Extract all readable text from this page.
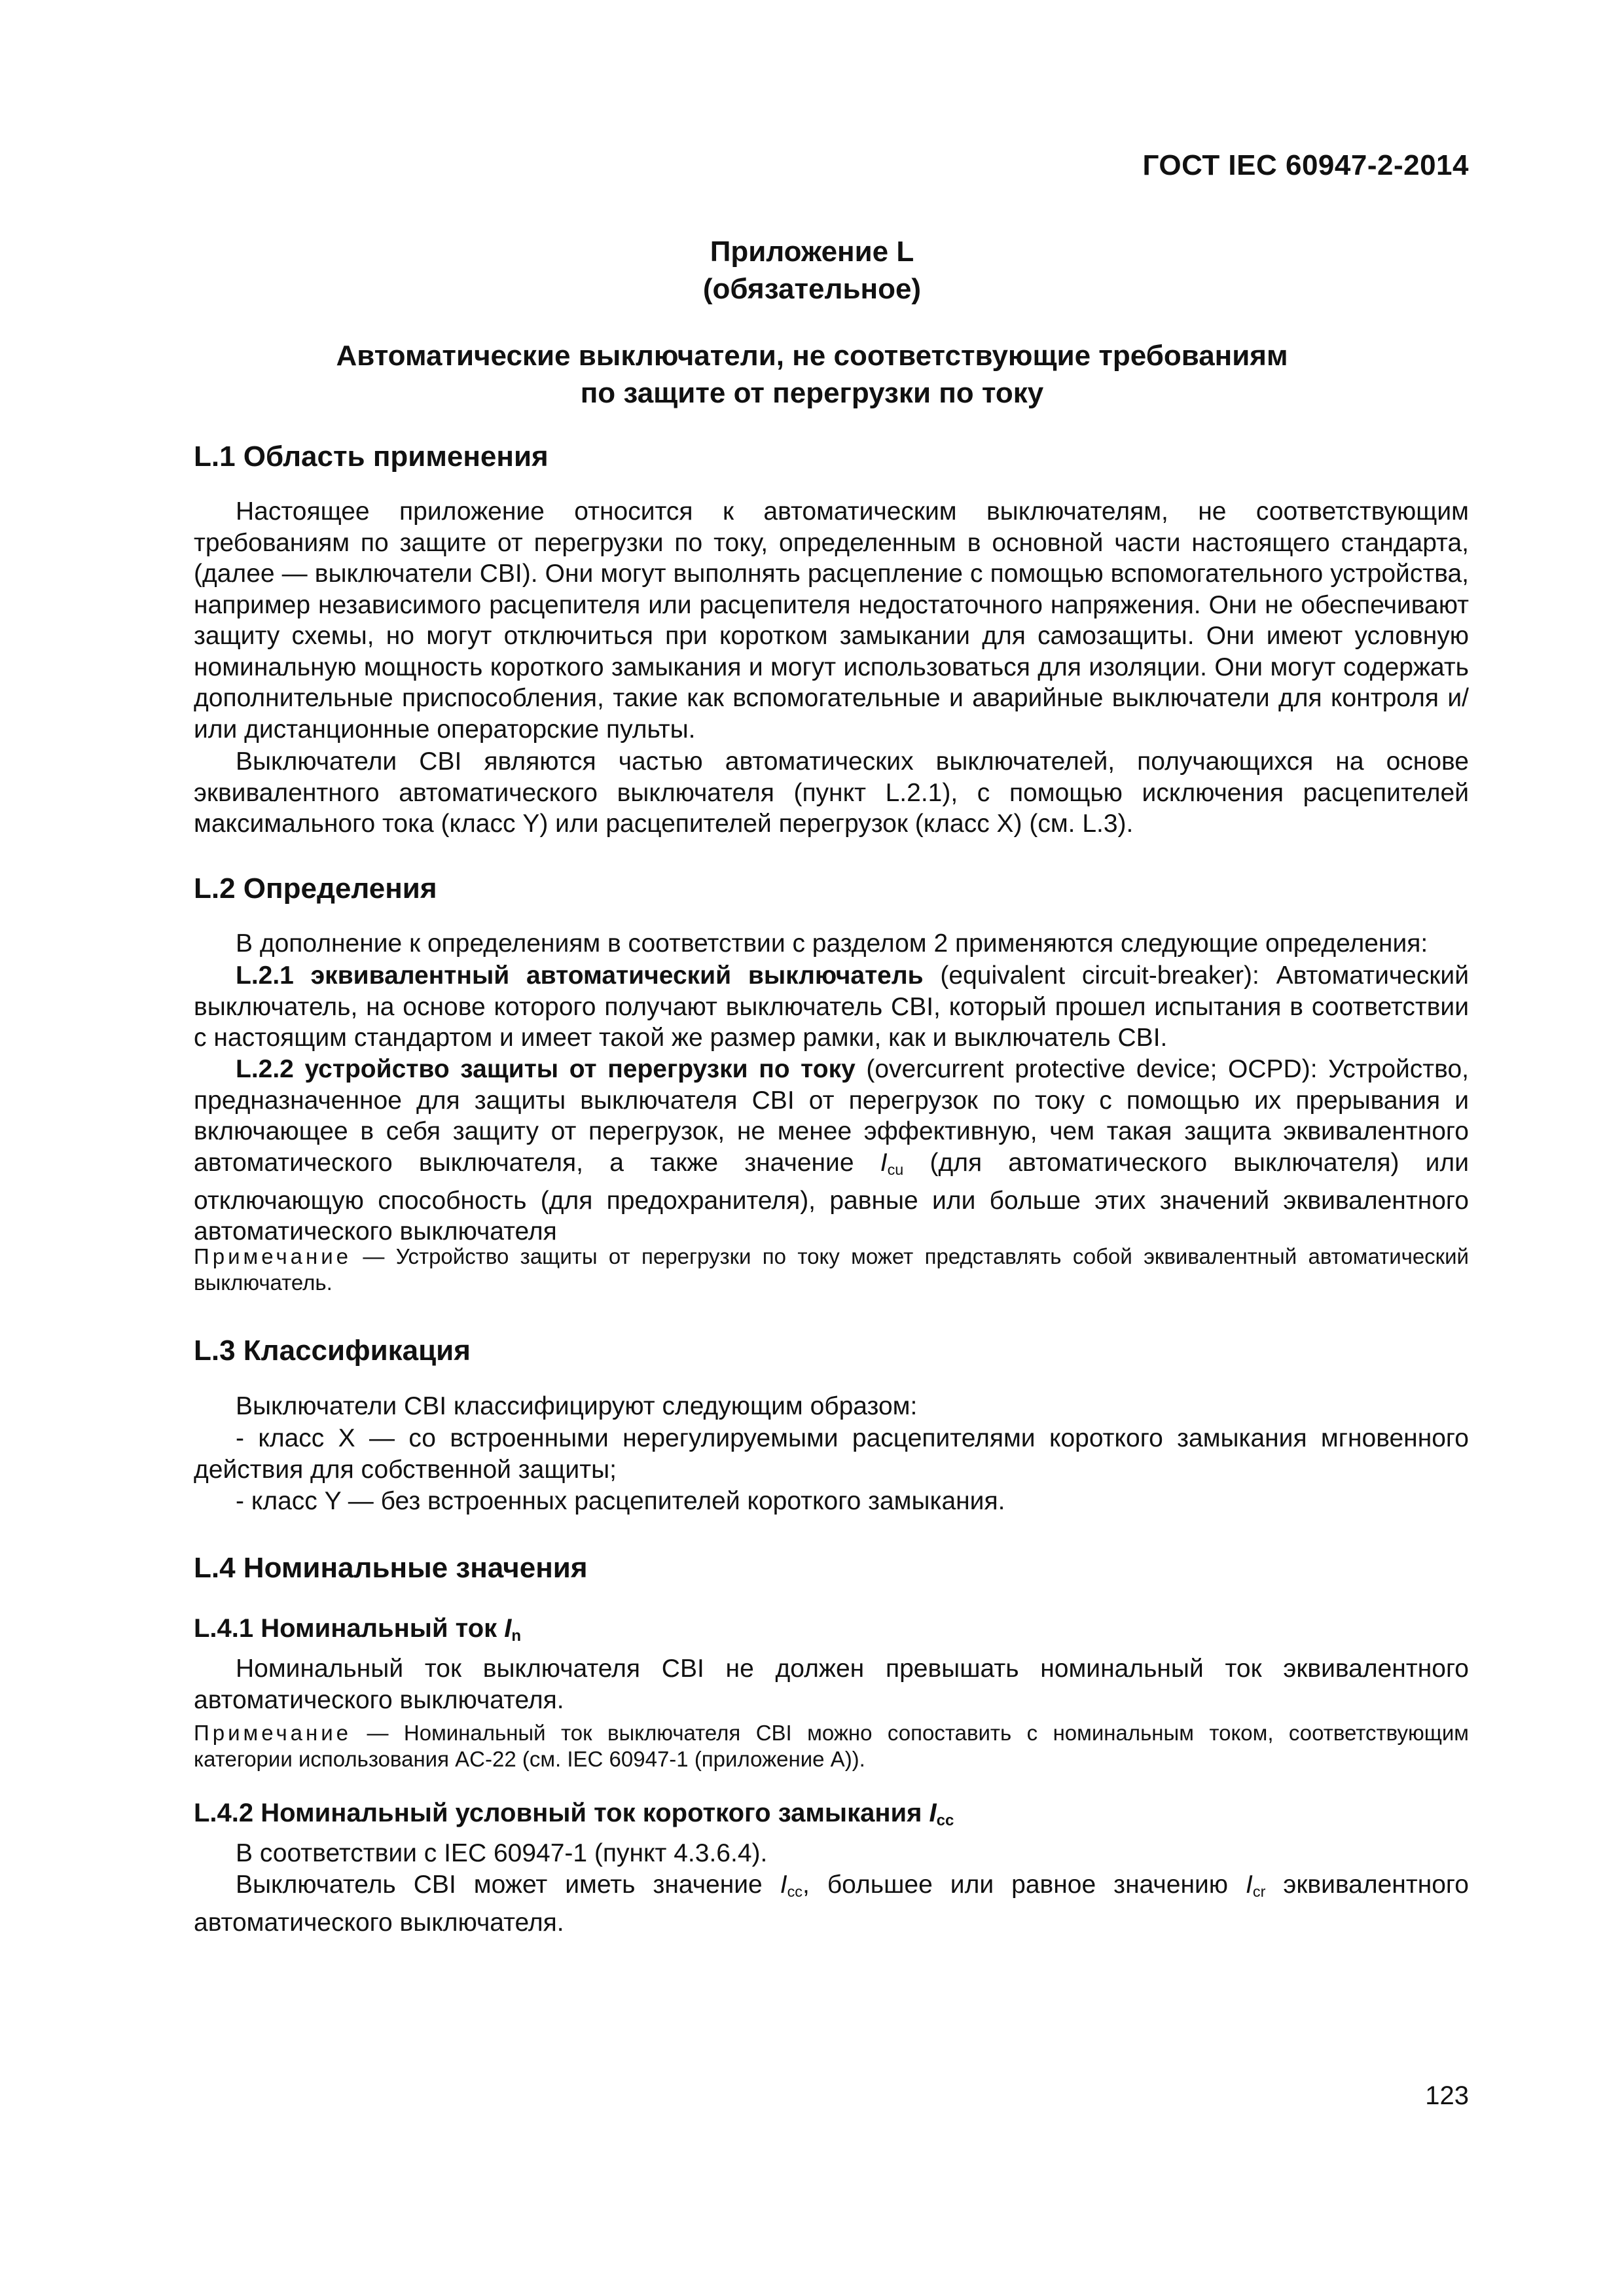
ГОСТ IEC 60947-2-2014
Приложение L
(обязательное)
Автоматические выключатели, не соответствующие требованиям
по защите от перегрузки по току
L.1 Область применения
Настоящее приложение относится к автоматическим выключателям, не соответствующим требованиям по защите от перегрузки по току, определенным в основной части настоящего стандарта, (далее — выключатели CBI). Они могут выполнять расцепление с помощью вспомогательного устройства, например независимого расцепителя или расцепителя недостаточного напряжения. Они не обеспечивают защиту схемы, но могут отключиться при коротком замыкании для самозащиты. Они имеют условную номинальную мощность короткого замыкания и могут использоваться для изоляции. Они могут содержать дополнительные приспособления, такие как вспомогательные и аварийные выключатели для контроля и/или дистанционные операторские пульты.
Выключатели CBI являются частью автоматических выключателей, получающихся на основе эквивалентного автоматического выключателя (пункт L.2.1), с помощью исключения расцепителей максимального тока (класс Y) или расцепителей перегрузок (класс X) (см. L.3).
L.2 Определения
В дополнение к определениям в соответствии с разделом 2 применяются следующие определения:
L.2.1 эквивалентный автоматический выключатель (equivalent circuit-breaker): Автоматический выключатель, на основе которого получают выключатель CBI, который прошел испытания в соответствии с настоящим стандартом и имеет такой же размер рамки, как и выключатель CBI.
L.2.2 устройство защиты от перегрузки по току (overcurrent protective device; OCPD): Устройство, предназначенное для защиты выключателя CBI от перегрузок по току с помощью их прерывания и включающее в себя защиту от перегрузок, не менее эффективную, чем такая защита эквивалентного автоматического выключателя, а также значение $I_{cu}$ (для автоматического выключателя) или отключающую способность (для предохранителя), равные или больше этих значений эквивалентного автоматического выключателя
Примечание — Устройство защиты от перегрузки по току может представлять собой эквивалентный автоматический выключатель.
L.3 Классификация
Выключатели CBI классифицируют следующим образом:
- класс X — со встроенными нерегулируемыми расцепителями короткого замыкания мгновенного действия для собственной защиты;
- класс Y — без встроенных расцепителей короткого замыкания.
L.4 Номинальные значения
L.4.1 Номинальный ток $I_n$
Номинальный ток выключателя CBI не должен превышать номинальный ток эквивалентного автоматического выключателя.
Примечание — Номинальный ток выключателя CBI можно сопоставить с номинальным током, соответствующим категории использования AC-22 (см. IEC 60947-1 (приложение A)).
L.4.2 Номинальный условный ток короткого замыкания $I_{cc}$
В соответствии с IEC 60947-1 (пункт 4.3.6.4).
Выключатель CBI может иметь значение $I_{cc}$, большее или равное значению $I_{cr}$ эквивалентного автоматического выключателя.
123
